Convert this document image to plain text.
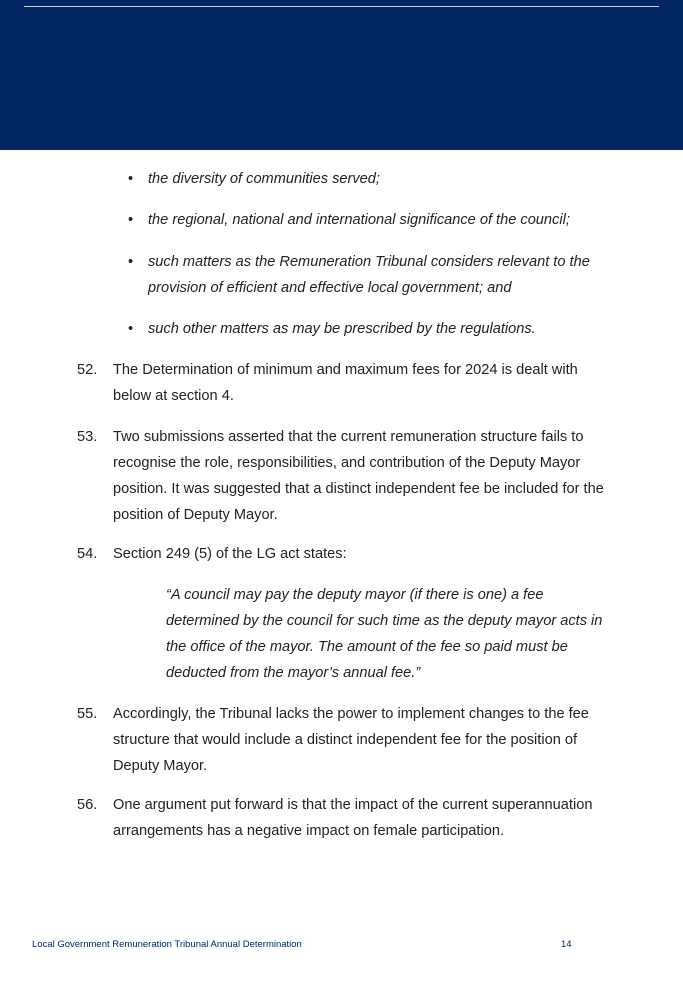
•	the diversity of communities served;
•	the regional, national and international significance of the council;
•	such matters as the Remuneration Tribunal considers relevant to the provision of efficient and effective local government; and
•	such other matters as may be prescribed by the regulations.
52.	The Determination of minimum and maximum fees for 2024 is dealt with below at section 4.
53.	Two submissions asserted that the current remuneration structure fails to recognise the role, responsibilities, and contribution of the Deputy Mayor position. It was suggested that a distinct independent fee be included for the position of Deputy Mayor.
54.	Section 249 (5) of the LG act states:
“A council may pay the deputy mayor (if there is one) a fee determined by the council for such time as the deputy mayor acts in the office of the mayor. The amount of the fee so paid must be deducted from the mayor’s annual fee.”
55.	Accordingly, the Tribunal lacks the power to implement changes to the fee structure that would include a distinct independent fee for the position of Deputy Mayor.
56.	One argument put forward is that the impact of the current superannuation arrangements has a negative impact on female participation.
Local Government Remuneration Tribunal Annual Determination	14
